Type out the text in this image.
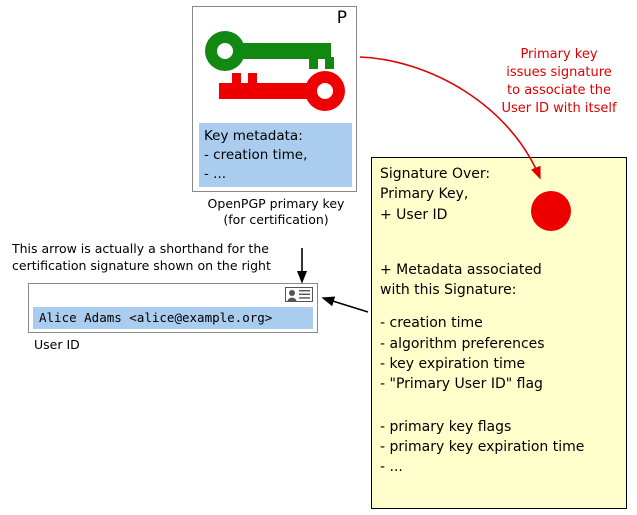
P
Key metadata:
- creation time,
- ...
OpenPGP primary key
(for certification)
This arrow is actually a shorthand for the
certification signature shown on the right
Alice Adams <alice@example.org>
User ID
Primary key issues signature to associate the User ID with itself
Signature Over:
Primary Key,
+ User ID
+ Metadata associated
with this Signature:
- creation time
- algorithm preferences
- key expiration time
- "Primary User ID" flag
- primary key flags
- primary key expiration time
- ...
